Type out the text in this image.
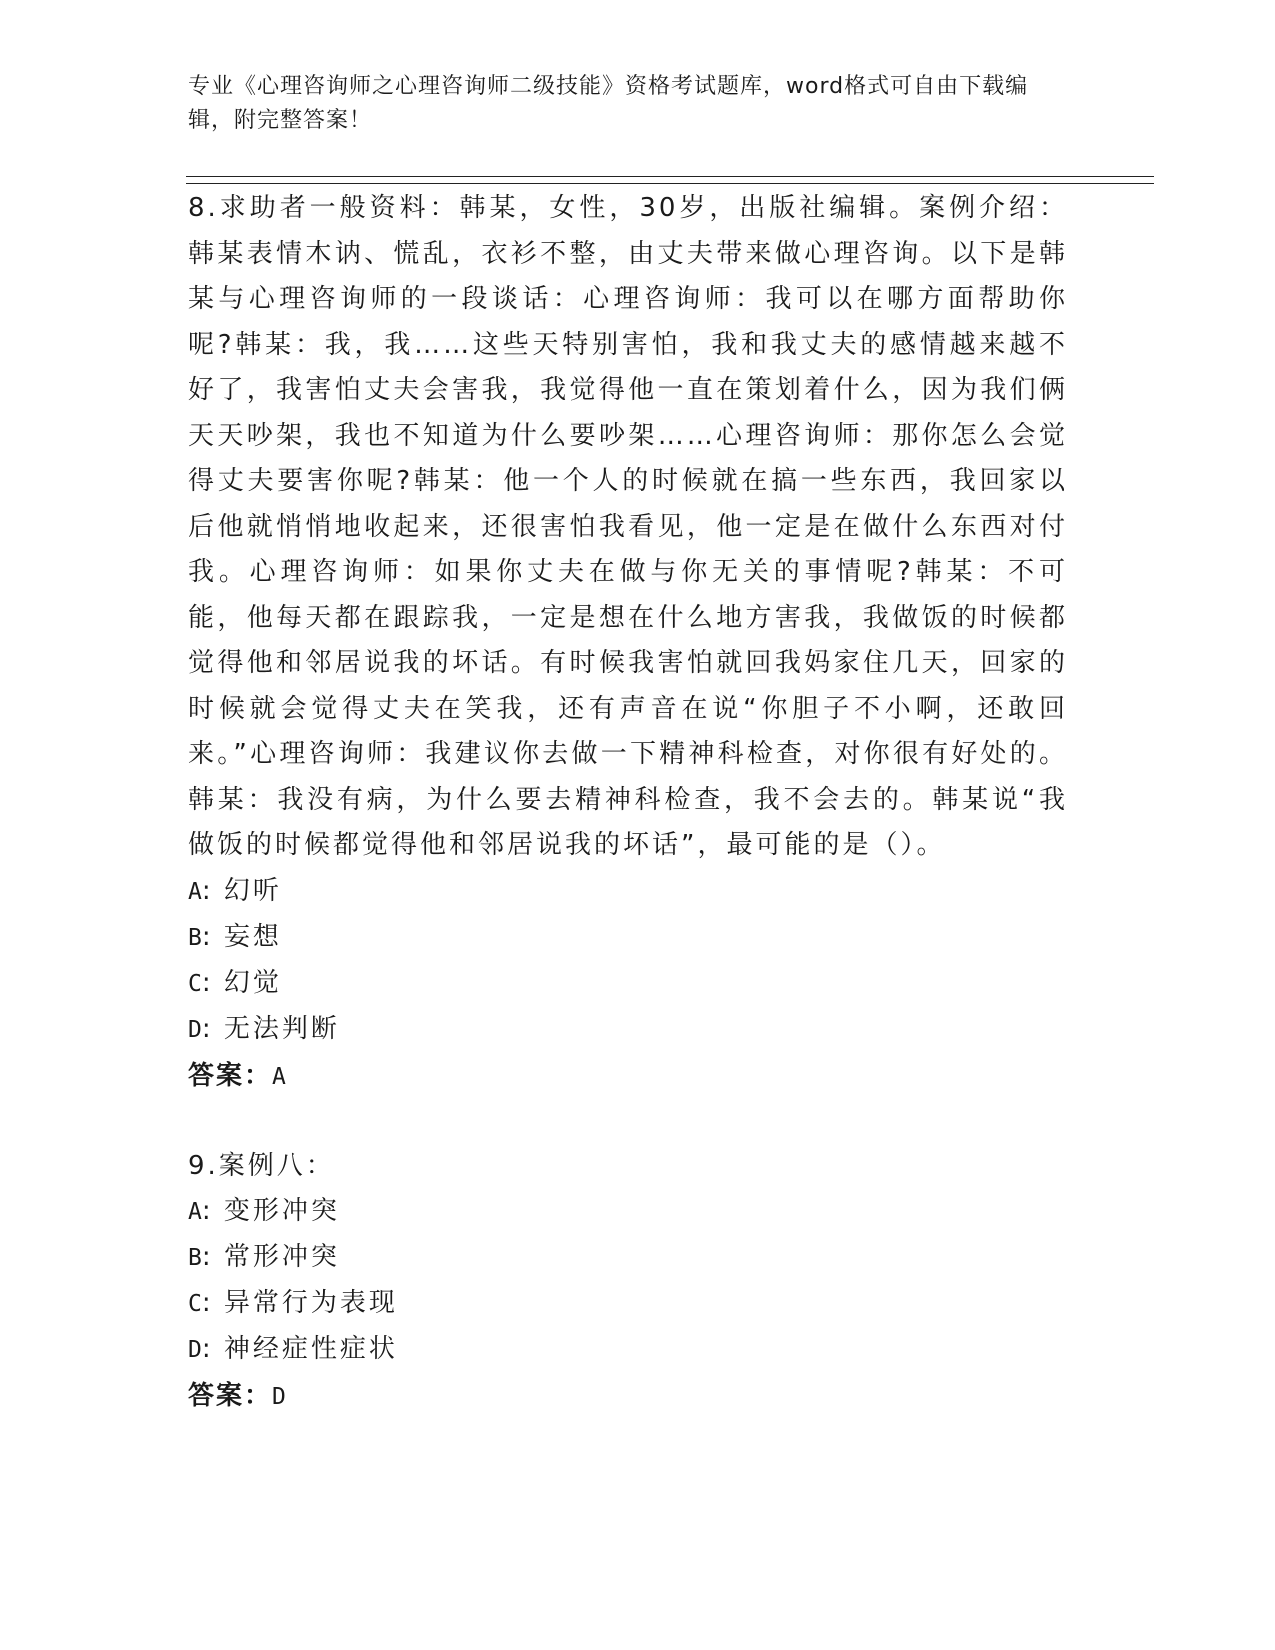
专业《心理咨询师之心理咨询师二级技能》资格考试题库，word格式可自由下载编辑，附完整答案！

8.求助者一般资料：韩某，女性，30岁，出版社编辑。案例介绍：韩某表情木讷、慌乱，衣衫不整，由丈夫带来做心理咨询。以下是韩某与心理咨询师的一段谈话：心理咨询师：我可以在哪方面帮助你呢?韩某：我，我……这些天特别害怕，我和我丈夫的感情越来越不好了，我害怕丈夫会害我，我觉得他一直在策划着什么，因为我们俩天天吵架，我也不知道为什么要吵架……心理咨询师：那你怎么会觉得丈夫要害你呢?韩某：他一个人的时候就在搞一些东西，我回家以后他就悄悄地收起来，还很害怕我看见，他一定是在做什么东西对付我。心理咨询师：如果你丈夫在做与你无关的事情呢?韩某：不可能，他每天都在跟踪我，一定是想在什么地方害我，我做饭的时候都觉得他和邻居说我的坏话。有时候我害怕就回我妈家住几天，回家的时候就会觉得丈夫在笑我，还有声音在说“你胆子不小啊，还敢回来。”心理咨询师：我建议你去做一下精神科检查，对你很有好处的。韩某：我没有病，为什么要去精神科检查，我不会去的。韩某说“我做饭的时候都觉得他和邻居说我的坏话”，最可能的是（）。

A: 幻听

B: 妄想

C: 幻觉

D: 无法判断

答案：A

9.案例八：

A: 变形冲突

B: 常形冲突

C: 异常行为表现

D: 神经症性症状

答案：D
